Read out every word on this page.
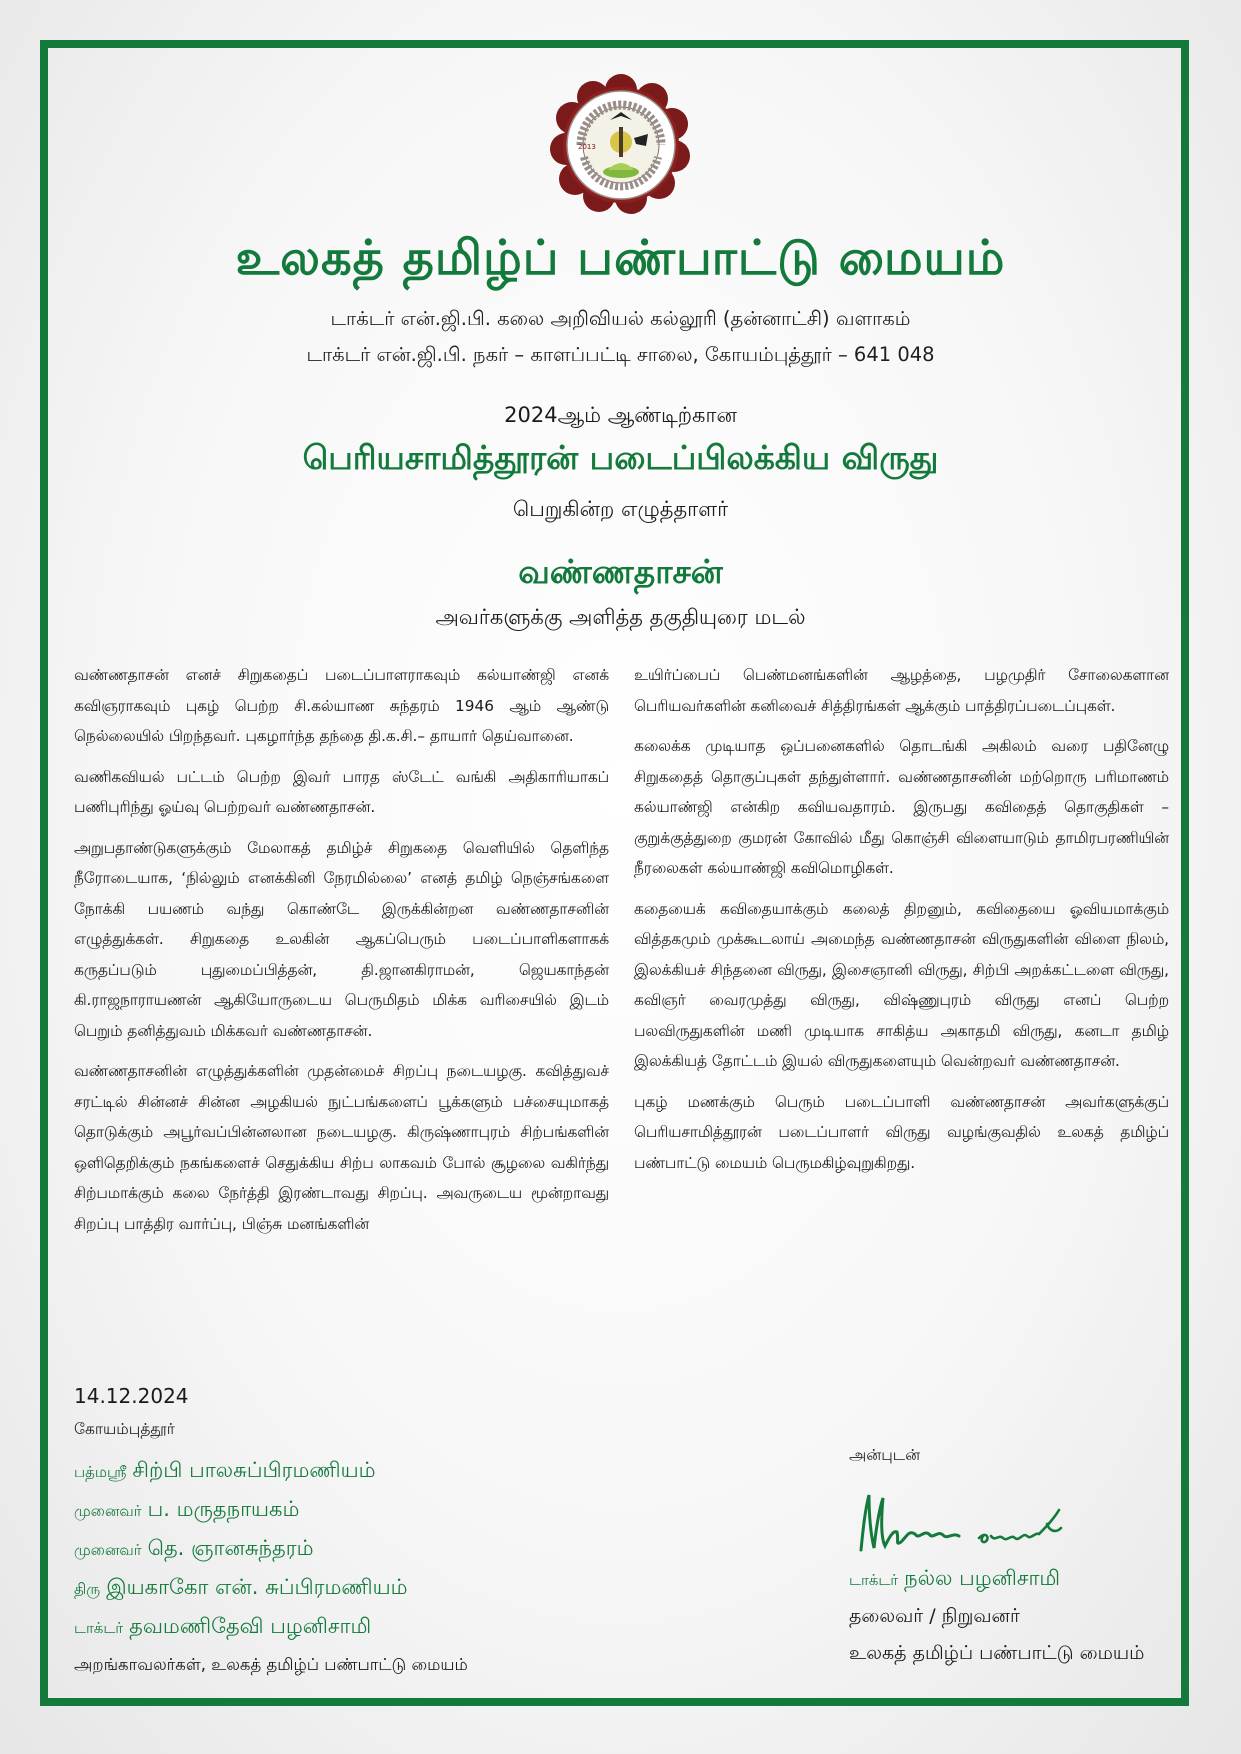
2013
உலகத் தமிழ்ப் பண்பாட்டு மையம்
டாக்டர் என்.ஜி.பி. கலை அறிவியல் கல்லூரி (தன்னாட்சி) வளாகம்
டாக்டர் என்.ஜி.பி. நகர் – காளப்பட்டி சாலை, கோயம்புத்தூர் – 641 048
2024ஆம் ஆண்டிற்கான
பெரியசாமித்தூரன் படைப்பிலக்கிய விருது
பெறுகின்ற எழுத்தாளர்
வண்ணதாசன்
அவர்களுக்கு அளித்த தகுதியுரை மடல்

வண்ணதாசன் எனச் சிறுகதைப் படைப்பாளராகவும் கல்யாண்ஜி எனக் கவிஞராகவும் புகழ் பெற்ற சி.கல்யாண சுந்தரம் 1946 ஆம் ஆண்டு நெல்லையில் பிறந்தவர். புகழார்ந்த தந்தை தி.க.சி.– தாயார் தெய்வானை.

வணிகவியல் பட்டம் பெற்ற இவர் பாரத ஸ்டேட் வங்கி அதிகாரியாகப் பணிபுரிந்து ஓய்வு பெற்றவர் வண்ணதாசன்.

அறுபதாண்டுகளுக்கும் மேலாகத் தமிழ்ச் சிறுகதை வெளியில் தெளிந்த நீரோடையாக, ‘நில்லும் எனக்கினி நேரமில்லை’ எனத் தமிழ் நெஞ்சங்களை நோக்கி பயணம் வந்து கொண்டே இருக்கின்றன வண்ணதாசனின் எழுத்துக்கள். சிறுகதை உலகின் ஆகப்பெரும் படைப்பாளிகளாகக் கருதப்படும் புதுமைப்பித்தன், தி.ஜானகிராமன், ஜெயகாந்தன் கி.ராஜநாராயணன் ஆகியோருடைய பெருமிதம் மிக்க வரிசையில் இடம் பெறும் தனித்துவம் மிக்கவர் வண்ணதாசன்.

வண்ணதாசனின் எழுத்துக்களின் முதன்மைச் சிறப்பு நடையழகு. கவித்துவச் சரட்டில் சின்னச் சின்ன அழகியல் நுட்பங்களைப் பூக்களும் பச்சையுமாகத் தொடுக்கும் அபூர்வப்பின்னலான நடையழகு. கிருஷ்ணாபுரம் சிற்பங்களின் ஒளிதெறிக்கும் நகங்களைச் செதுக்கிய சிற்ப லாகவம் போல் சூழலை வகிர்ந்து சிற்பமாக்கும் கலை நேர்த்தி இரண்டாவது சிறப்பு. அவருடைய மூன்றாவது சிறப்பு பாத்திர வார்ப்பு, பிஞ்சு மனங்களின்

உயிர்ப்பைப் பெண்மனங்களின் ஆழத்தை, பழமுதிர் சோலைகளான பெரியவர்களின் கனிவைச் சித்திரங்கள் ஆக்கும் பாத்திரப்படைப்புகள்.

கலைக்க முடியாத ஒப்பனைகளில் தொடங்கி அகிலம் வரை பதினேழு சிறுகதைத் தொகுப்புகள் தந்துள்ளார். வண்ணதாசனின் மற்றொரு பரிமாணம் கல்யாண்ஜி என்கிற கவியவதாரம். இருபது கவிதைத் தொகுதிகள் – குறுக்குத்துறை குமரன் கோவில் மீது கொஞ்சி விளையாடும் தாமிரபரணியின் நீரலைகள் கல்யாண்ஜி கவிமொழிகள்.

கதையைக் கவிதையாக்கும் கலைத் திறனும், கவிதையை ஓவியமாக்கும் வித்தகமும் முக்கூடலாய் அமைந்த வண்ணதாசன் விருதுகளின் விளை நிலம், இலக்கியச் சிந்தனை விருது, இசைஞானி விருது, சிற்பி அறக்கட்டளை விருது, கவிஞர் வைரமுத்து விருது, விஷ்ணுபுரம் விருது எனப் பெற்ற பலவிருதுகளின் மணி முடியாக சாகித்ய அகாதமி விருது, கனடா தமிழ் இலக்கியத் தோட்டம் இயல் விருதுகளையும் வென்றவர் வண்ணதாசன்.

புகழ் மணக்கும் பெரும் படைப்பாளி வண்ணதாசன் அவர்களுக்குப் பெரியசாமித்தூரன் படைப்பாளர் விருது வழங்குவதில் உலகத் தமிழ்ப் பண்பாட்டு மையம் பெருமகிழ்வுறுகிறது.

14.12.2024
கோயம்புத்தூர்
பத்மஸ்ரீ சிற்பி பாலசுப்பிரமணியம்
முனைவர் ப. மருதநாயகம்
முனைவர் தெ. ஞானசுந்தரம்
திரு இயகாகோ என். சுப்பிரமணியம்
டாக்டர் தவமணிதேவி பழனிசாமி
அறங்காவலர்கள், உலகத் தமிழ்ப் பண்பாட்டு மையம்
அன்புடன்
டாக்டர் நல்ல பழனிசாமி
தலைவர் / நிறுவனர்
உலகத் தமிழ்ப் பண்பாட்டு மையம்
